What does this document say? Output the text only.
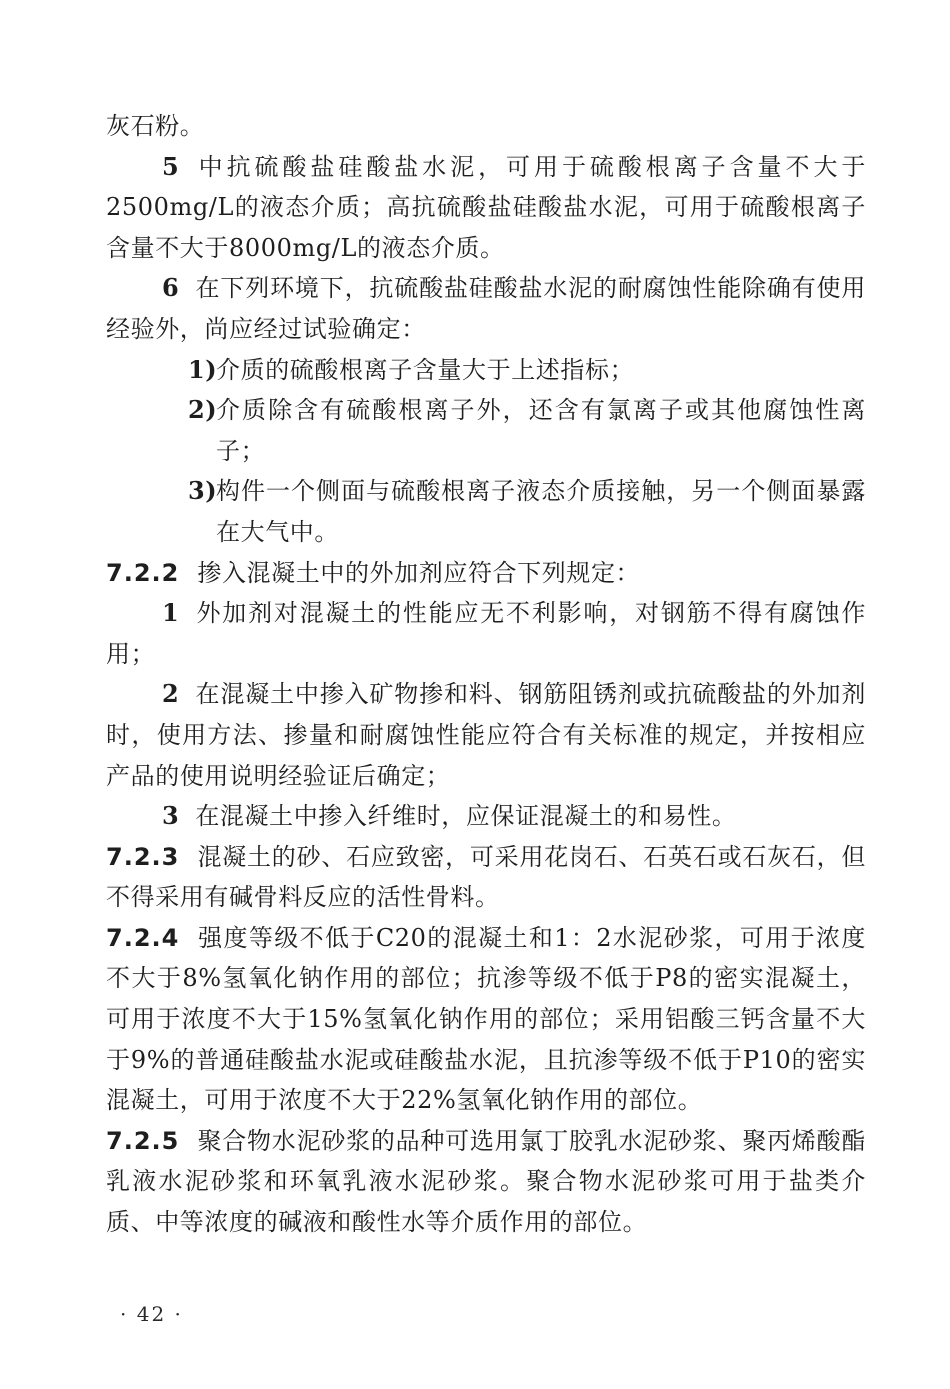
灰石粉。

5 中抗硫酸盐硅酸盐水泥，可用于硫酸根离子含量不大于2500mg/L的液态介质；高抗硫酸盐硅酸盐水泥，可用于硫酸根离子含量不大于8000mg/L的液态介质。

6 在下列环境下，抗硫酸盐硅酸盐水泥的耐腐蚀性能除确有使用经验外，尚应经过试验确定：

1)
介质的硫酸根离子含量大于上述指标；

2)
介质除含有硫酸根离子外，还含有氯离子或其他腐蚀性离子；

3)
构件一个侧面与硫酸根离子液态介质接触，另一个侧面暴露在大气中。

7.2.2 掺入混凝土中的外加剂应符合下列规定：

1 外加剂对混凝土的性能应无不利影响，对钢筋不得有腐蚀作用；

2 在混凝土中掺入矿物掺和料、钢筋阻锈剂或抗硫酸盐的外加剂时，使用方法、掺量和耐腐蚀性能应符合有关标准的规定，并按相应产品的使用说明经验证后确定；

3 在混凝土中掺入纤维时，应保证混凝土的和易性。

7.2.3 混凝土的砂、石应致密，可采用花岗石、石英石或石灰石，但不得采用有碱骨料反应的活性骨料。

7.2.4 强度等级不低于C20的混凝土和1：2水泥砂浆，可用于浓度不大于8%氢氧化钠作用的部位；抗渗等级不低于P8的密实混凝土，可用于浓度不大于15%氢氧化钠作用的部位；采用铝酸三钙含量不大于9%的普通硅酸盐水泥或硅酸盐水泥，且抗渗等级不低于P10的密实混凝土，可用于浓度不大于22%氢氧化钠作用的部位。

7.2.5 聚合物水泥砂浆的品种可选用氯丁胶乳水泥砂浆、聚丙烯酸酯乳液水泥砂浆和环氧乳液水泥砂浆。聚合物水泥砂浆可用于盐类介质、中等浓度的碱液和酸性水等介质作用的部位。

· 42 ·
